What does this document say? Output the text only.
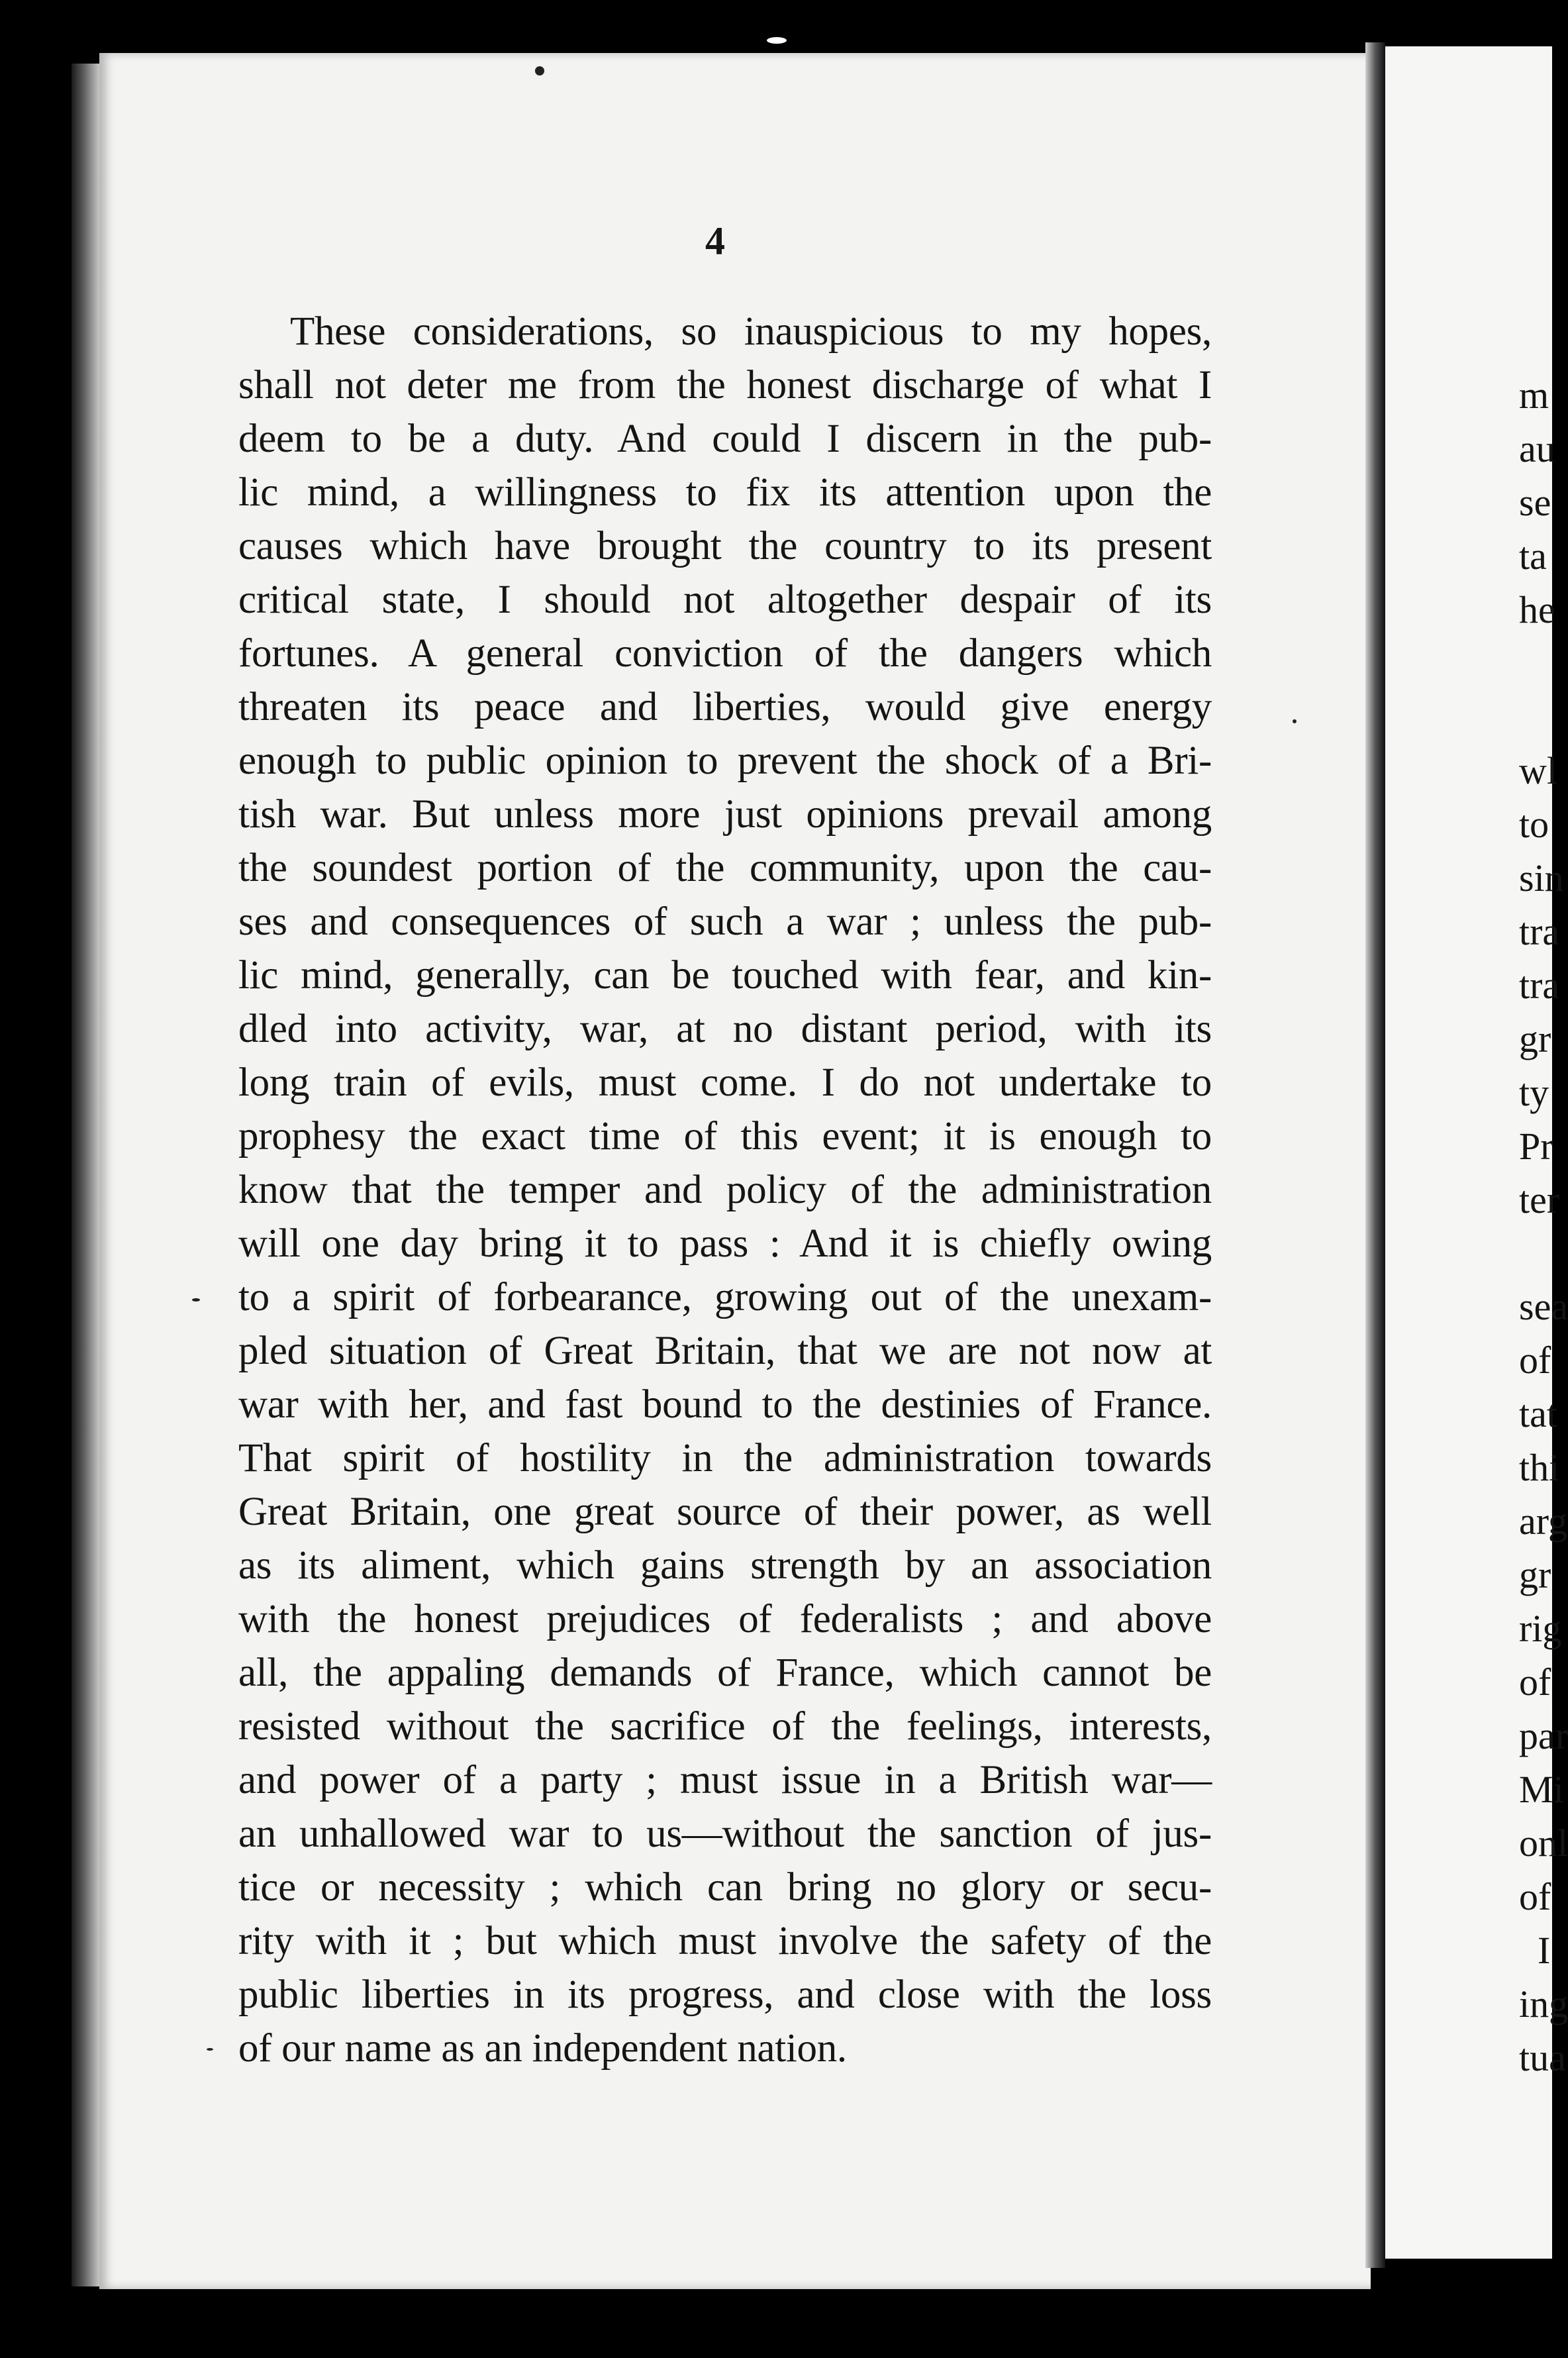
4
These considerations, so inauspicious to my hopes,
shall not deter me from the honest discharge of what I
deem to be a duty. And could I discern in the pub-
lic mind, a willingness to fix its attention upon the
causes which have brought the country to its present
critical state, I should not altogether despair of its
fortunes. A general conviction of the dangers which
threaten its peace and liberties, would give energy
enough to public opinion to prevent the shock of a Bri-
tish war. But unless more just opinions prevail among
the soundest portion of the community, upon the cau-
ses and consequences of such a war ; unless the pub-
lic mind, generally, can be touched with fear, and kin-
dled into activity, war, at no distant period, with its
long train of evils, must come. I do not undertake to
prophesy the exact time of this event; it is enough to
know that the temper and policy of the administration
will one day bring it to pass : And it is chiefly owing
to a spirit of forbearance, growing out of the unexam-
pled situation of Great Britain, that we are not now at
war with her, and fast bound to the destinies of France.
That spirit of hostility in the administration towards
Great Britain, one great source of their power, as well
as its aliment, which gains strength by an association
with the honest prejudices of federalists ; and above
all, the appaling demands of France, which cannot be
resisted without the sacrifice of the feelings, interests,
and power of a party ; must issue in a British war—
an unhallowed war to us—without the sanction of jus-
tice or necessity ; which can bring no glory or secu-
rity with it ; but which must involve the safety of the
public liberties in its progress, and close with the loss
of our name as an independent nation.
m
au
se
ta
he
wl
to
sin
tra
tra
gr
ty
Pr
ter
sea
of
tat
thi
arg
gr
rig
of
par
Mi
onl
of
I
ing
tua
